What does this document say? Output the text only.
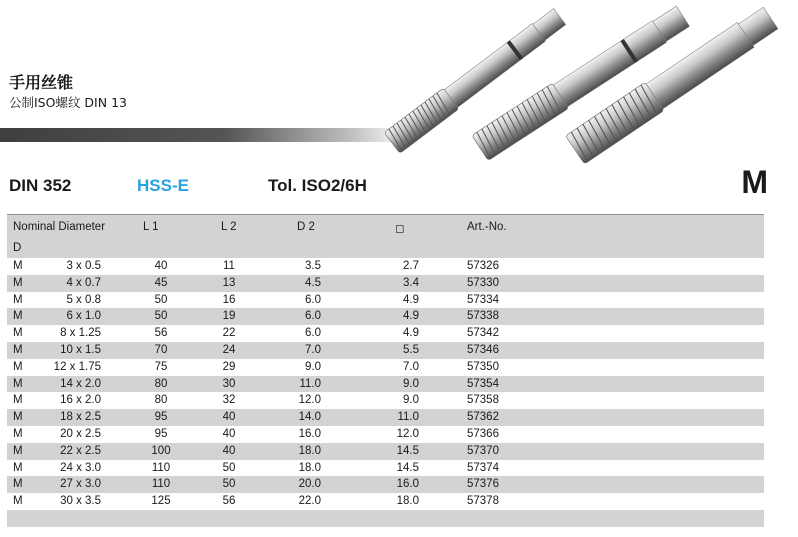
手用丝锥
公制ISO螺纹 DIN 13
DIN 352	HSS-E	Tol. ISO2/6H	M
Nominal Diameter
D
L 1	L 2	D 2	◻	Art.-No.
M	3 x 0.5	40	11	3.5	2.7	57326
M	4 x 0.7	45	13	4.5	3.4	57330
M	5 x 0.8	50	16	6.0	4.9	57334
M	6 x 1.0	50	19	6.0	4.9	57338
M	8 x 1.25	56	22	6.0	4.9	57342
M	10 x 1.5	70	24	7.0	5.5	57346
M	12 x 1.75	75	29	9.0	7.0	57350
M	14 x 2.0	80	30	11.0	9.0	57354
M	16 x 2.0	80	32	12.0	9.0	57358
M	18 x 2.5	95	40	14.0	11.0	57362
M	20 x 2.5	95	40	16.0	12.0	57366
M	22 x 2.5	100	40	18.0	14.5	57370
M	24 x 3.0	110	50	18.0	14.5	57374
M	27 x 3.0	110	50	20.0	16.0	57376
M	30 x 3.5	125	56	22.0	18.0	57378
